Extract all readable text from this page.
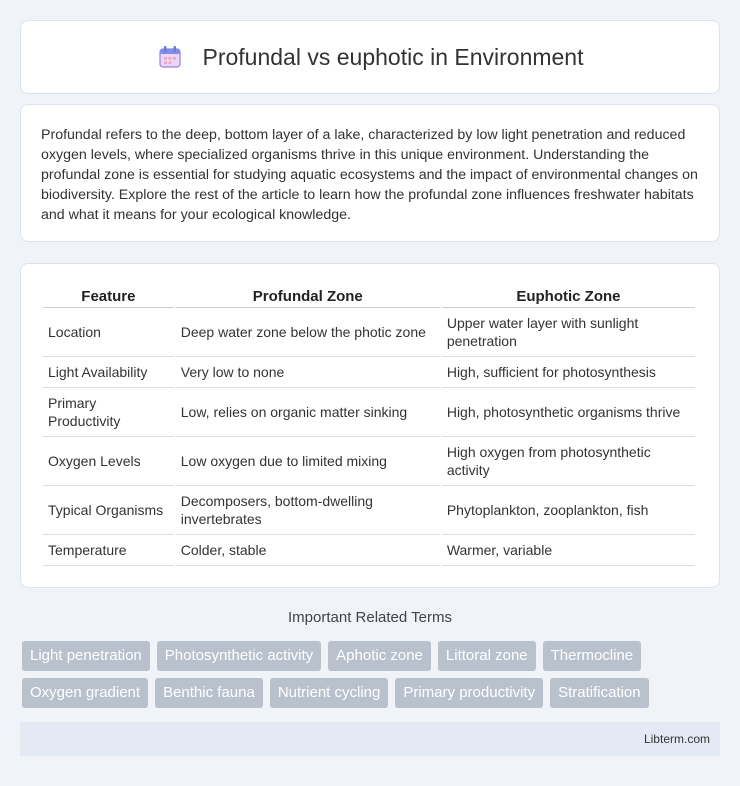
Profundal vs euphotic in Environment

Profundal refers to the deep, bottom layer of a lake, characterized by low light penetration and reduced oxygen levels, where specialized organisms thrive in this unique environment. Understanding the profundal zone is essential for studying aquatic ecosystems and the impact of environmental changes on biodiversity. Explore the rest of the article to learn how the profundal zone influences freshwater habitats and what it means for your ecological knowledge.

Feature	Profundal Zone	Euphotic Zone
Location	Deep water zone below the photic zone	Upper water layer with sunlight penetration
Light Availability	Very low to none	High, sufficient for photosynthesis
Primary Productivity	Low, relies on organic matter sinking	High, photosynthetic organisms thrive
Oxygen Levels	Low oxygen due to limited mixing	High oxygen from photosynthetic activity
Typical Organisms	Decomposers, bottom-dwelling invertebrates	Phytoplankton, zooplankton, fish
Temperature	Colder, stable	Warmer, variable
Important Related Terms
Light penetration	Photosynthetic activity	Aphotic zone	Littoral zone	Thermocline
Oxygen gradient	Benthic fauna	Nutrient cycling	Primary productivity	Stratification
Libterm.com
